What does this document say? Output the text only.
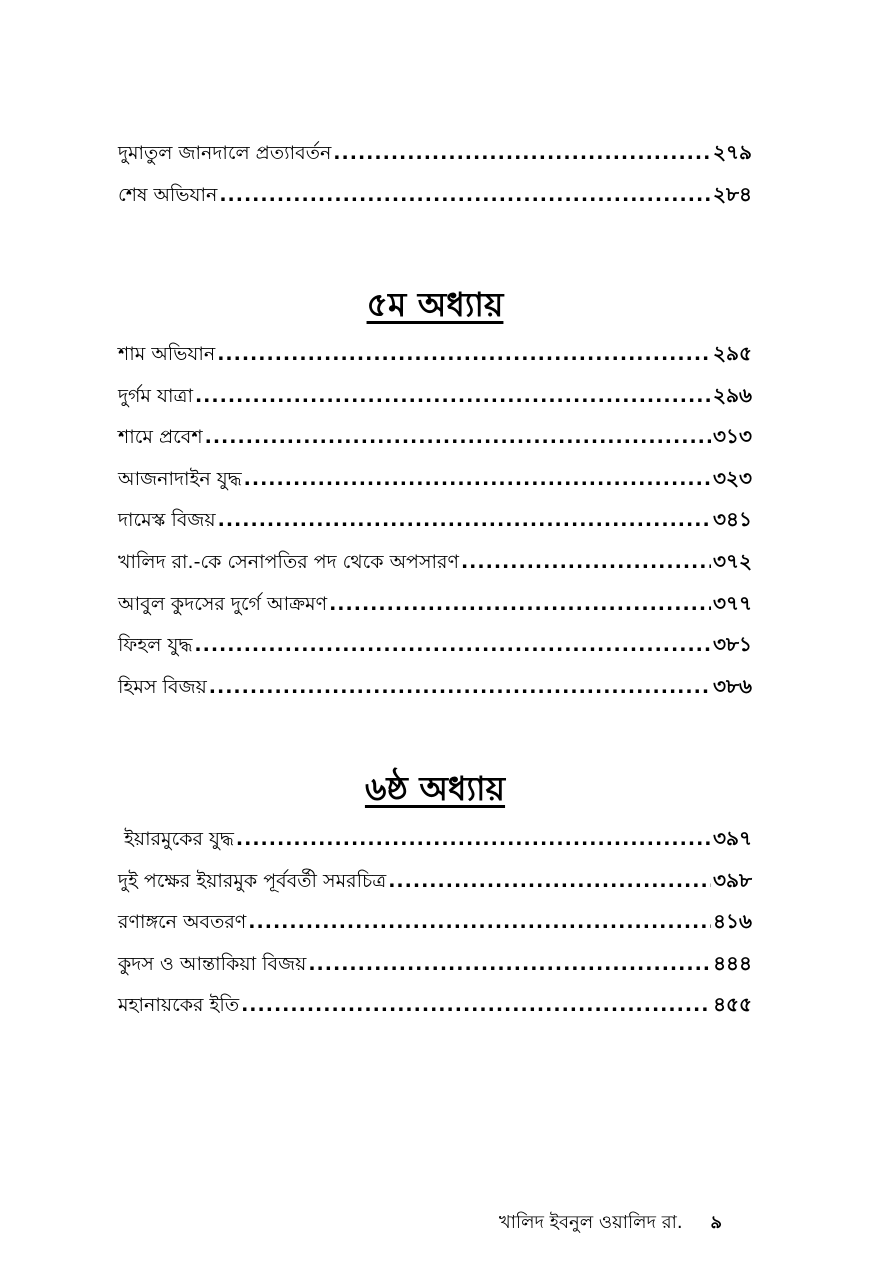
দুমাতুল জানদালে প্রত্যাবর্তন .....	২৭৯
শেষ অভিযান .....	২৮৪
৫ম অধ্যায়
শাম অভিযান .....	২৯৫
দুর্গম যাত্রা .....	২৯৬
শামে প্রবেশ .....	৩১৩
আজনাদাইন যুদ্ধ .....	৩২৩
দামেস্ক বিজয় .....	৩৪১
খালিদ রা.-কে সেনাপতির পদ থেকে অপসারণ .....	৩৭২
আবুল কুদসের দুর্গে আক্রমণ .....	৩৭৭
ফিহল যুদ্ধ .....	৩৮১
হিমস বিজয় .....	৩৮৬
৬ষ্ঠ অধ্যায়
ইয়ারমুকের যুদ্ধ .....	৩৯৭
দুই পক্ষের ইয়ারমুক পূর্ববর্তী সমরচিত্র .....	৩৯৮
রণাঙ্গনে অবতরণ .....	৪১৬
কুদস ও আন্তাকিয়া বিজয় .....	৪৪৪
মহানায়কের ইতি .....	৪৫৫
খালিদ ইবনুল ওয়ালিদ রা. ৯
